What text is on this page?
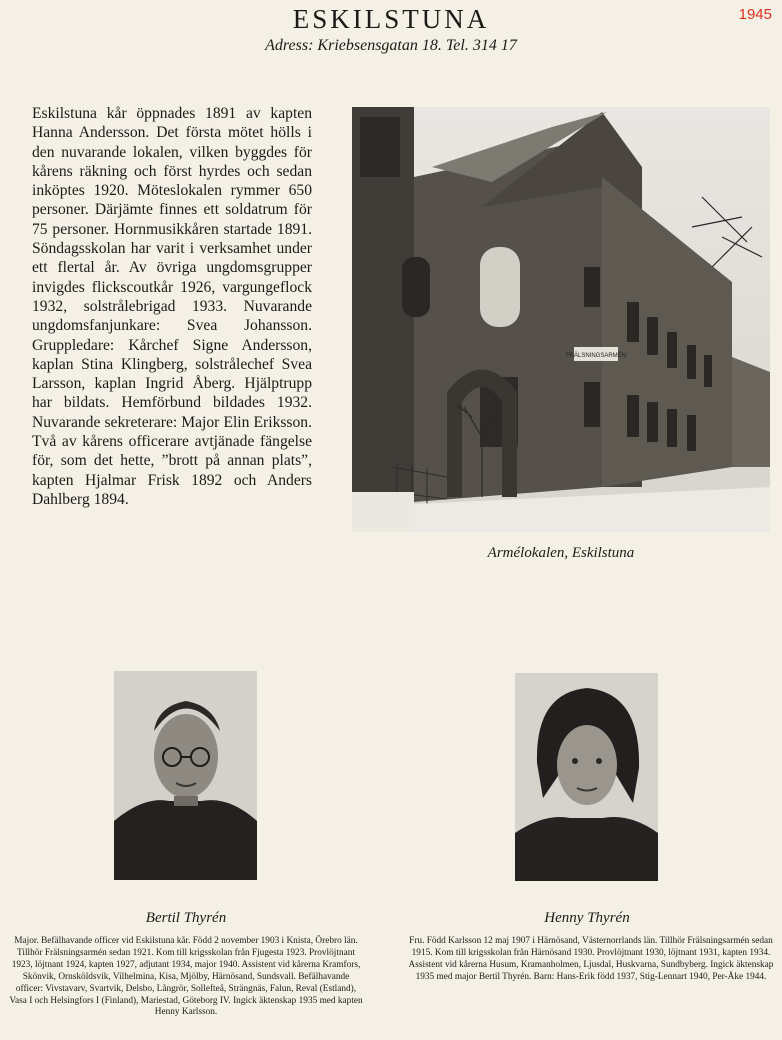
1945
ESKILSTUNA
Adress: Kriebsensgatan 18. Tel. 314 17
Eskilstuna kår öppnades 1891 av kapten Hanna Andersson. Det första mötet hölls i den nuvarande lokalen, vilken byggdes för kårens räkning och först hyrdes och sedan inköptes 1920. Möteslokalen rymmer 650 personer. Därjämte finnes ett soldatrum för 75 personer. Hornmusikkåren startade 1891. Söndagsskolan har varit i verksamhet under ett flertal år. Av övriga ungdomsgrupper invigdes flickscoutkår 1926, vargungeflock 1932, solstrålebrigad 1933. Nuvarande ungdomsfanjunkare: Svea Johansson. Gruppledare: Kårchef Signe Andersson, kaplan Stina Klingberg, solstrålechef Svea Larsson, kaplan Ingrid Åberg. Hjälptrupp har bildats. Hemförbund bildades 1932. Nuvarande sekreterare: Major Elin Eriksson. Två av kårens officerare avtjänade fängelse för, som det hette, ”brott på annan plats”, kapten Hjalmar Frisk 1892 och Anders Dahlberg 1894.
FRÄLSNINGSARMÉN
Armélokalen, Eskilstuna
Bertil Thyrén	Henny Thyrén
Major. Befälhavande officer vid Eskilstuna kår. Född 2 november 1903 i Knista, Örebro län. Tillhör Frälsningsarmén sedan 1921. Kom till krigsskolan från Fjugesta 1923. Provlöjtnant 1923, löjtnant 1924, kapten 1927, adjutant 1934, major 1940. Assistent vid kårerna Kramfors, Skönvik, Ornsköldsvik, Vilhelmina, Kisa, Mjölby, Härnösand, Sundsvall. Befälhavande officer: Vivstavarv, Svartvik, Delsbo, Långrör, Sollefteå, Strängnäs, Falun, Reval (Estland), Vasa I och Helsingfors I (Finland), Mariestad, Göteborg IV. Ingick äktenskap 1935 med kapten Henny Karlsson.
Fru. Född Karlsson 12 maj 1907 i Härnösand, Västernorrlands län. Tillhör Frälsningsarmén sedan 1915. Kom till krigsskolan från Härnösand 1930. Provlöjtnant 1930, löjtnant 1931, kapten 1934. Assistent vid kårerna Husum, Kramanholmen, Ljusdal, Huskvarna, Sundbyberg. Ingick äktenskap 1935 med major Bertil Thyrén. Barn: Hans-Erik född 1937, Stig-Lennart 1940, Per-Åke 1944.
